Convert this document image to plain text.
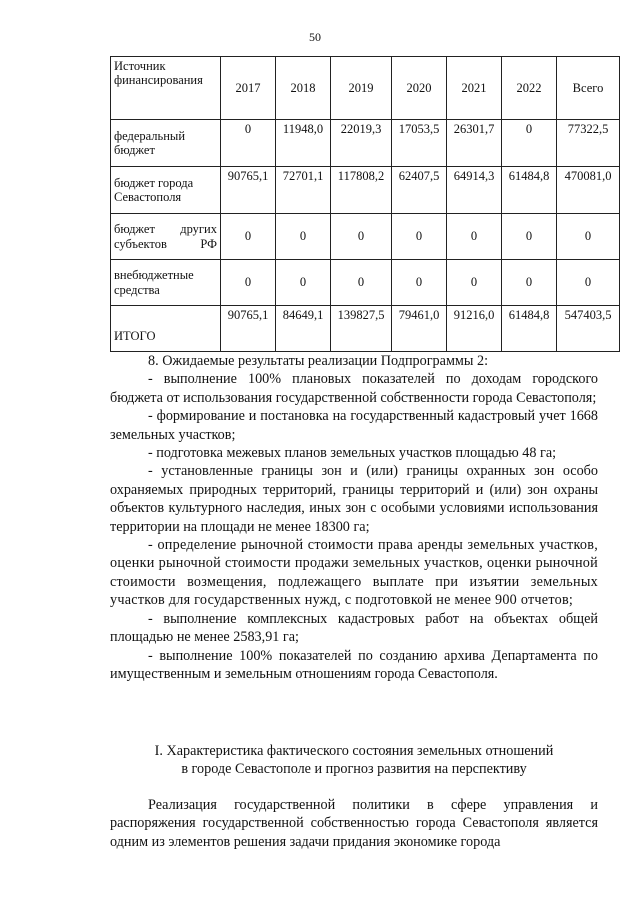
50
Источник финансирования	2017	2018	2019	2020	2021	2022	Всего
федеральный бюджет	0	11948,0	22019,3	17053,5	26301,7	0	77322,5
бюджет города Севастополя	90765,1	72701,1	117808,2	62407,5	64914,3	61484,8	470081,0
бюджет других субъектов РФ	0	0	0	0	0	0	0
внебюджетные средства	0	0	0	0	0	0	0
ИТОГО	90765,1	84649,1	139827,5	79461,0	91216,0	61484,8	547403,5

8. Ожидаемые результаты реализации Подпрограммы 2:

- выполнение 100% плановых показателей по доходам городского бюджета от использования государственной собственности города Севастополя;

- формирование и постановка на государственный кадастровый учет 1668 земельных участков;

- подготовка межевых планов земельных участков площадью 48 га;

- установленные границы зон и (или) границы охранных зон особо охраняемых природных территорий, границы территорий и (или) зон охраны объектов культурного наследия, иных зон с особыми условиями использования территории на площади не менее 18300 га;

- определение рыночной стоимости права аренды земельных участков, оценки рыночной стоимости продажи земельных участков, оценки рыночной стоимости возмещения, подлежащего выплате при изъятии земельных участков для государственных нужд, с подготовкой не менее 900 отчетов;

- выполнение комплексных кадастровых работ на объектах общей площадью не менее 2583,91 га;

- выполнение 100% показателей по созданию архива Департамента по имущественным и земельным отношениям города Севастополя.

I. Характеристика фактического состояния земельных отношений
в городе Севастополе и прогноз развития на перспективу

Реализация государственной политики в сфере управления и распоряжения государственной собственностью города Севастополя является одним из элементов решения задачи придания экономике города
